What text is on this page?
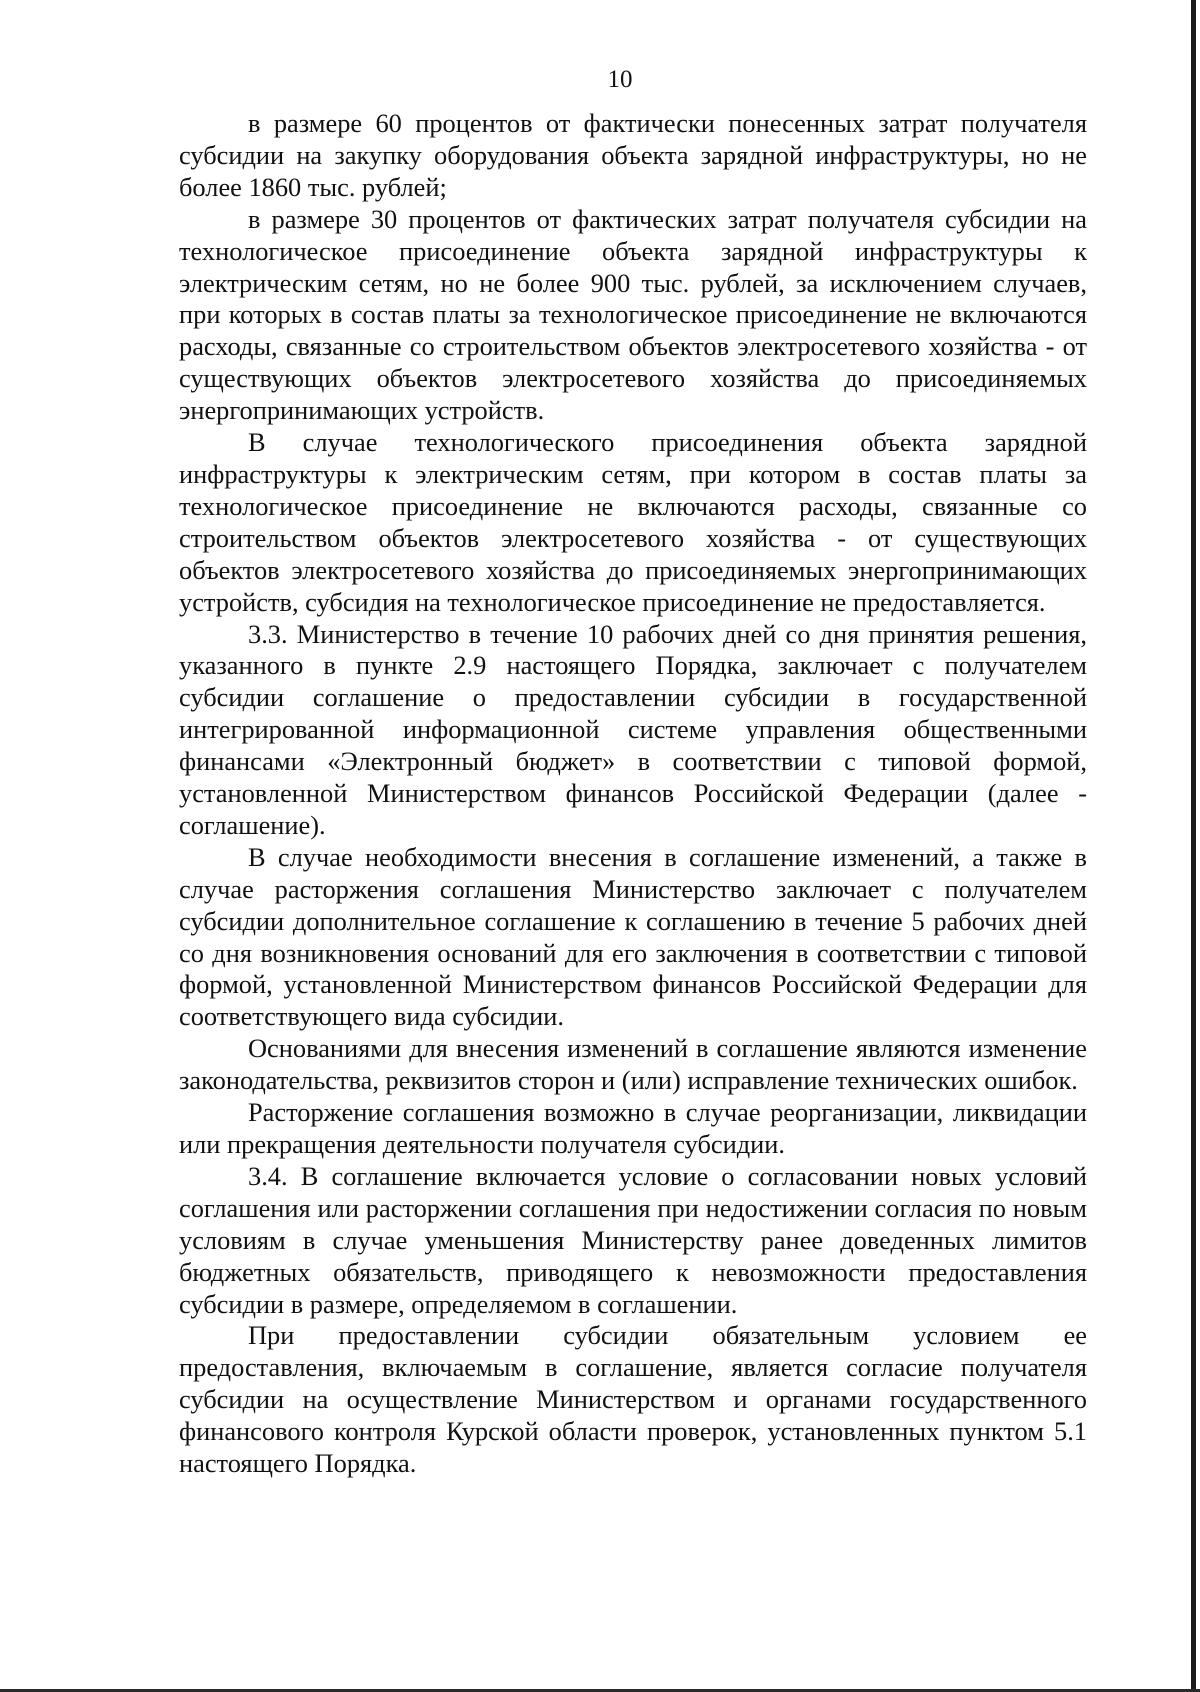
10

в размере 60 процентов от фактически понесенных затрат получателя субсидии на закупку оборудования объекта зарядной инфраструктуры, но не более 1860 тыс. рублей;

в размере 30 процентов от фактических затрат получателя субсидии на технологическое присоединение объекта зарядной инфраструктуры к электрическим сетям, но не более 900 тыс. рублей, за исключением случаев, при которых в состав платы за технологическое присоединение не включаются расходы, связанные со строительством объектов электросетевого хозяйства - от существующих объектов электросетевого хозяйства до присоединяемых энергопринимающих устройств.

В случае технологического присоединения объекта зарядной инфраструктуры к электрическим сетям, при котором в состав платы за технологическое присоединение не включаются расходы, связанные со строительством объектов электросетевого хозяйства - от существующих объектов электросетевого хозяйства до присоединяемых энергопринимающих устройств, субсидия на технологическое присоединение не предоставляется.

3.3. Министерство в течение 10 рабочих дней со дня принятия решения, указанного в пункте 2.9 настоящего Порядка, заключает с получателем субсидии соглашение о предоставлении субсидии в государственной интегрированной информационной системе управления общественными финансами «Электронный бюджет» в соответствии с типовой формой, установленной Министерством финансов Российской Федерации (далее - соглашение).

В случае необходимости внесения в соглашение изменений, а также в случае расторжения соглашения Министерство заключает с получателем субсидии дополнительное соглашение к соглашению в течение 5 рабочих дней со дня возникновения оснований для его заключения в соответствии с типовой формой, установленной Министерством финансов Российской Федерации для соответствующего вида субсидии.

Основаниями для внесения изменений в соглашение являются изменение законодательства, реквизитов сторон и (или) исправление технических ошибок.

Расторжение соглашения возможно в случае реорганизации, ликвидации или прекращения деятельности получателя субсидии.

3.4. В соглашение включается условие о согласовании новых условий соглашения или расторжении соглашения при недостижении согласия по новым условиям в случае уменьшения Министерству ранее доведенных лимитов бюджетных обязательств, приводящего к невозможности предоставления субсидии в размере, определяемом в соглашении.

При предоставлении субсидии обязательным условием ее предоставления, включаемым в соглашение, является согласие получателя субсидии на осуществление Министерством и органами государственного финансового контроля Курской области проверок, установленных пунктом 5.1 настоящего Порядка.
